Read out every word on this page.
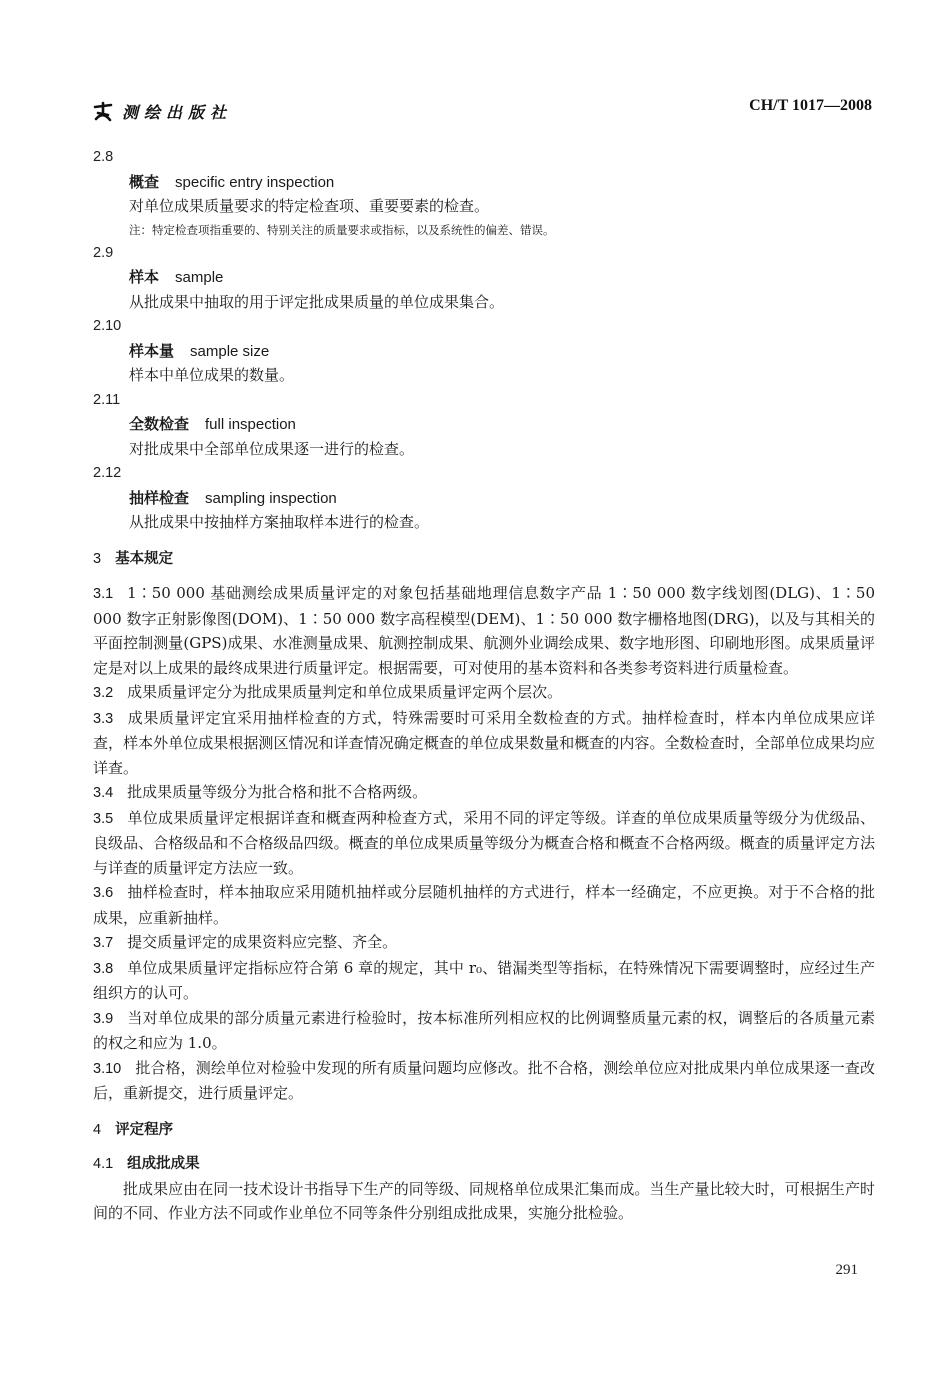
测绘出版社	CH/T 1017—2008
2.8
概查 specific entry inspection
对单位成果质量要求的特定检查项、重要要素的检查。
注：特定检查项指重要的、特别关注的质量要求或指标，以及系统性的偏差、错误。
2.9
样本 sample
从批成果中抽取的用于评定批成果质量的单位成果集合。
2.10
样本量 sample size
样本中单位成果的数量。
2.11
全数检查 full inspection
对批成果中全部单位成果逐一进行的检查。
2.12
抽样检查 sampling inspection
从批成果中按抽样方案抽取样本进行的检查。
3 基本规定
3.1 1∶50 000 基础测绘成果质量评定的对象包括基础地理信息数字产品 1∶50 000 数字线划图(DLG)、1∶50 000 数字正射影像图(DOM)、1∶50 000 数字高程模型(DEM)、1∶50 000 数字栅格地图(DRG)，以及与其相关的平面控制测量(GPS)成果、水准测量成果、航测控制成果、航测外业调绘成果、数字地形图、印刷地形图。成果质量评定是对以上成果的最终成果进行质量评定。根据需要，可对使用的基本资料和各类参考资料进行质量检查。
3.2 成果质量评定分为批成果质量判定和单位成果质量评定两个层次。
3.3 成果质量评定宜采用抽样检查的方式，特殊需要时可采用全数检查的方式。抽样检查时，样本内单位成果应详查，样本外单位成果根据测区情况和详查情况确定概查的单位成果数量和概查的内容。全数检查时，全部单位成果均应详查。
3.4 批成果质量等级分为批合格和批不合格两级。
3.5 单位成果质量评定根据详查和概查两种检查方式，采用不同的评定等级。详查的单位成果质量等级分为优级品、良级品、合格级品和不合格级品四级。概查的单位成果质量等级分为概查合格和概查不合格两级。概查的质量评定方法与详查的质量评定方法应一致。
3.6 抽样检查时，样本抽取应采用随机抽样或分层随机抽样的方式进行，样本一经确定，不应更换。对于不合格的批成果，应重新抽样。
3.7 提交质量评定的成果资料应完整、齐全。
3.8 单位成果质量评定指标应符合第 6 章的规定，其中 r₀、错漏类型等指标，在特殊情况下需要调整时，应经过生产组织方的认可。
3.9 当对单位成果的部分质量元素进行检验时，按本标准所列相应权的比例调整质量元素的权，调整后的各质量元素的权之和应为 1.0。
3.10 批合格，测绘单位对检验中发现的所有质量问题均应修改。批不合格，测绘单位应对批成果内单位成果逐一查改后，重新提交，进行质量评定。
4 评定程序
4.1 组成批成果
批成果应由在同一技术设计书指导下生产的同等级、同规格单位成果汇集而成。当生产量比较大时，可根据生产时间的不同、作业方法不同或作业单位不同等条件分别组成批成果，实施分批检验。
291
